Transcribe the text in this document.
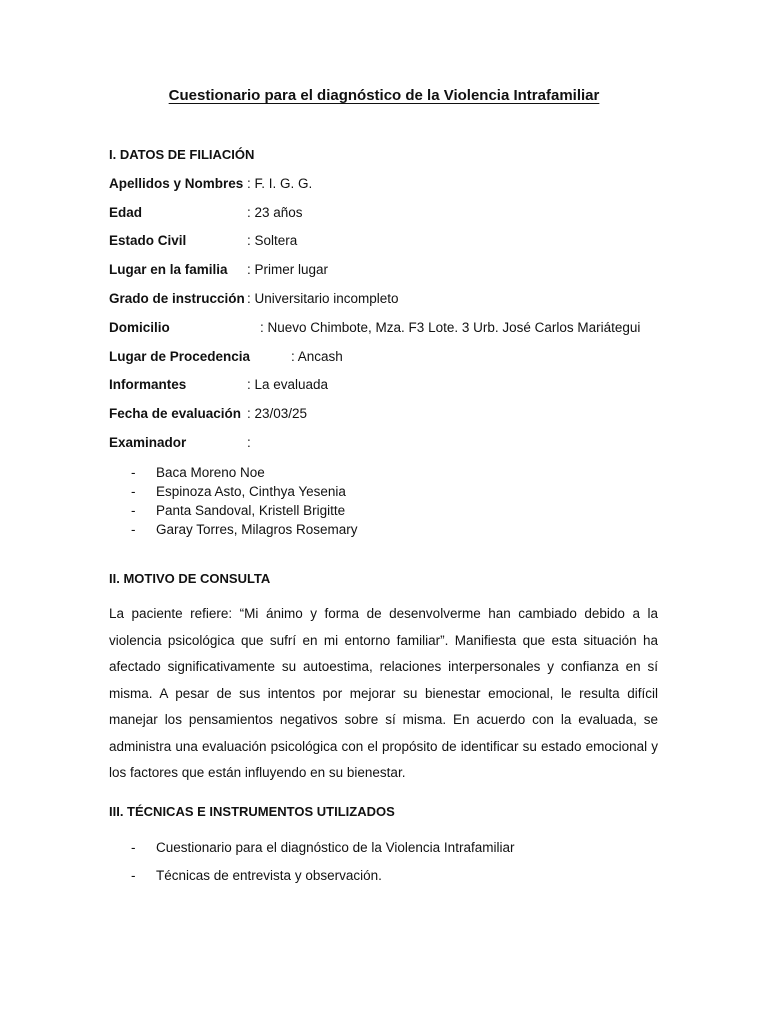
Cuestionario para el diagnóstico de la Violencia Intrafamiliar
I. DATOS DE FILIACIÓN
Apellidos y Nombres : F. I. G. G.
Edad	: 23 años
Estado Civil	: Soltera
Lugar en la familia : Primer lugar
Grado de instrucción : Universitario incompleto
Domicilio	: Nuevo Chimbote, Mza. F3 Lote. 3 Urb. José Carlos Mariátegui
Lugar de Procedencia	: Ancash
Informantes	: La evaluada
Fecha de evaluación : 23/03/25
Examinador	:
- Baca Moreno Noe
- Espinoza Asto, Cinthya Yesenia
- Panta Sandoval, Kristell Brigitte
- Garay Torres, Milagros Rosemary
II. MOTIVO DE CONSULTA
La paciente refiere: “Mi ánimo y forma de desenvolverme han cambiado debido a la violencia psicológica que sufrí en mi entorno familiar”. Manifiesta que esta situación ha afectado significativamente su autoestima, relaciones interpersonales y confianza en sí misma. A pesar de sus intentos por mejorar su bienestar emocional, le resulta difícil manejar los pensamientos negativos sobre sí misma. En acuerdo con la evaluada, se administra una evaluación psicológica con el propósito de identificar su estado emocional y los factores que están influyendo en su bienestar.
III. TÉCNICAS E INSTRUMENTOS UTILIZADOS
- Cuestionario para el diagnóstico de la Violencia Intrafamiliar
- Técnicas de entrevista y observación.
